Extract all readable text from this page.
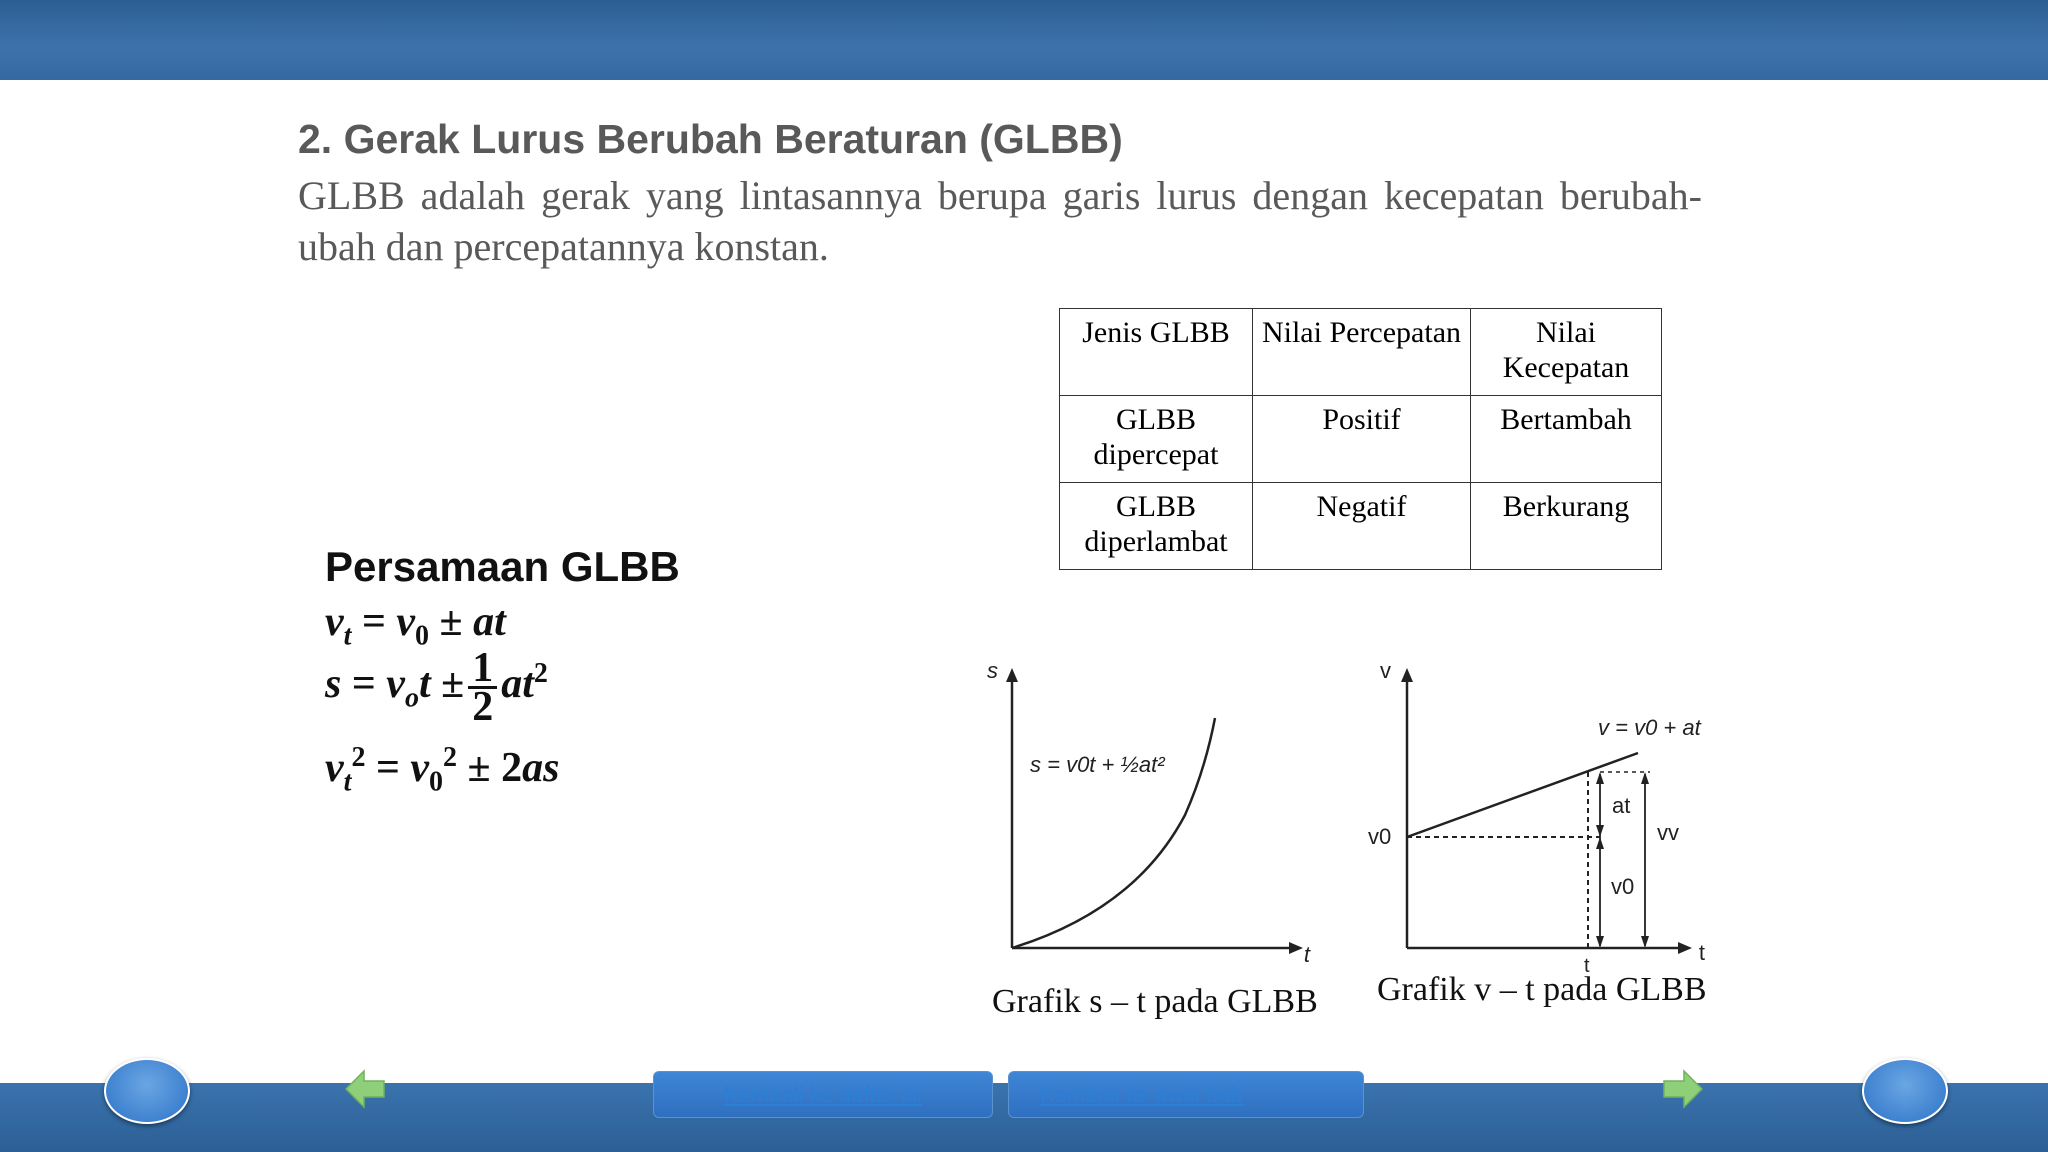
2. Gerak Lurus Berubah Beraturan (GLBB)
GLBB adalah gerak yang lintasannya berupa garis lurus dengan kecepatan berubah-ubah dan percepatannya konstan.
Jenis GLBB	Nilai Percepatan	Nilai Kecepatan
GLBB dipercepat	Positif	Bertambah
GLBB diperlambat	Negatif	Berkurang
Persamaan GLBB
$v_t = v_0$ ± at
$s = v_ot \pm \frac{1}{2} at^2$
$v_t^2 = v_0^2 \pm 2as$
s
t
s = v0t + ½at²
Grafik s – t pada GLBB
v
t
v0
v = v0 + at
at
vv
v0
t
Grafik v – t pada GLBB
Kembali ke daftar isi	Kembali ke awal bab
